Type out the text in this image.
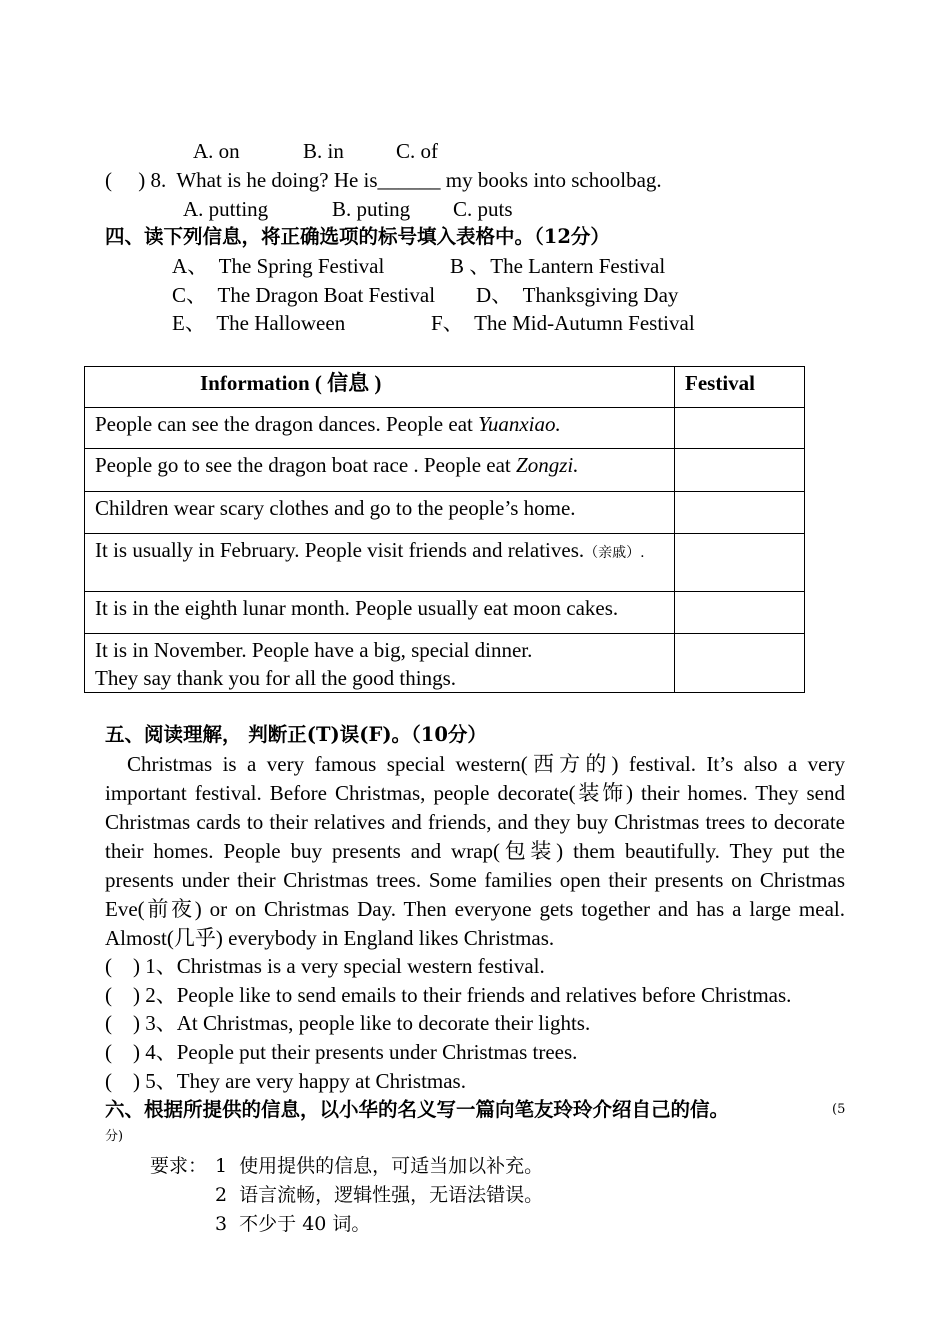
A. on	B. in C. of
(     ) 8.  What is he doing? He is______ my books into schoolbag.
A. putting	B. puting C. puts
四、读下列信息，将正确选项的标号填入表格中。（12分）
A、  The Spring Festival	B 、The Lantern Festival
C、  The Dragon Boat Festival D、  Thanksgiving Day
E、  The Halloween	F、  The Mid-Autumn Festival
Information ( 信息 )	Festival
People can see the dragon dances. People eat Yuanxiao.	
People go to see the dragon boat race . People eat Zongzi.	
Children wear scary clothes and go to the people’s home.	
It is usually in February. People visit friends and relatives.（亲戚）.	
It is in the eighth lunar month. People usually eat moon cakes.	
It is in November. People have a big, special dinner.
They say thank you for all the good things.	
五、阅读理解， 判断正(T)误(F)。（10分）
Christmas is a very famous special western(西方的) festival. It’s also a very important festival. Before Christmas, people decorate(装饰) their homes. They send Christmas cards to their relatives and friends, and they buy Christmas trees to decorate their homes. People buy presents and wrap(包装) them beautifully. They put the presents under their Christmas trees. Some families open their presents on Christmas Eve(前夜) or on Christmas Day. Then everyone gets together and has a large meal. Almost(几乎) everybody in England likes Christmas.
(    ) 1、Christmas is a very special western festival.
(    ) 2、People like to send emails to their friends and relatives before Christmas.
(    ) 3、At Christmas, people like to decorate their lights.
(    ) 4、People put their presents under Christmas trees.
(    ) 5、They are very happy at Christmas.
六、根据所提供的信息，以小华的名义写一篇向笔友玲玲介绍自己的信。	(5
分)
要求： 1  使用提供的信息，可适当加以补充。
2  语言流畅，逻辑性强，无语法错误。
3  不少于 40 词。
